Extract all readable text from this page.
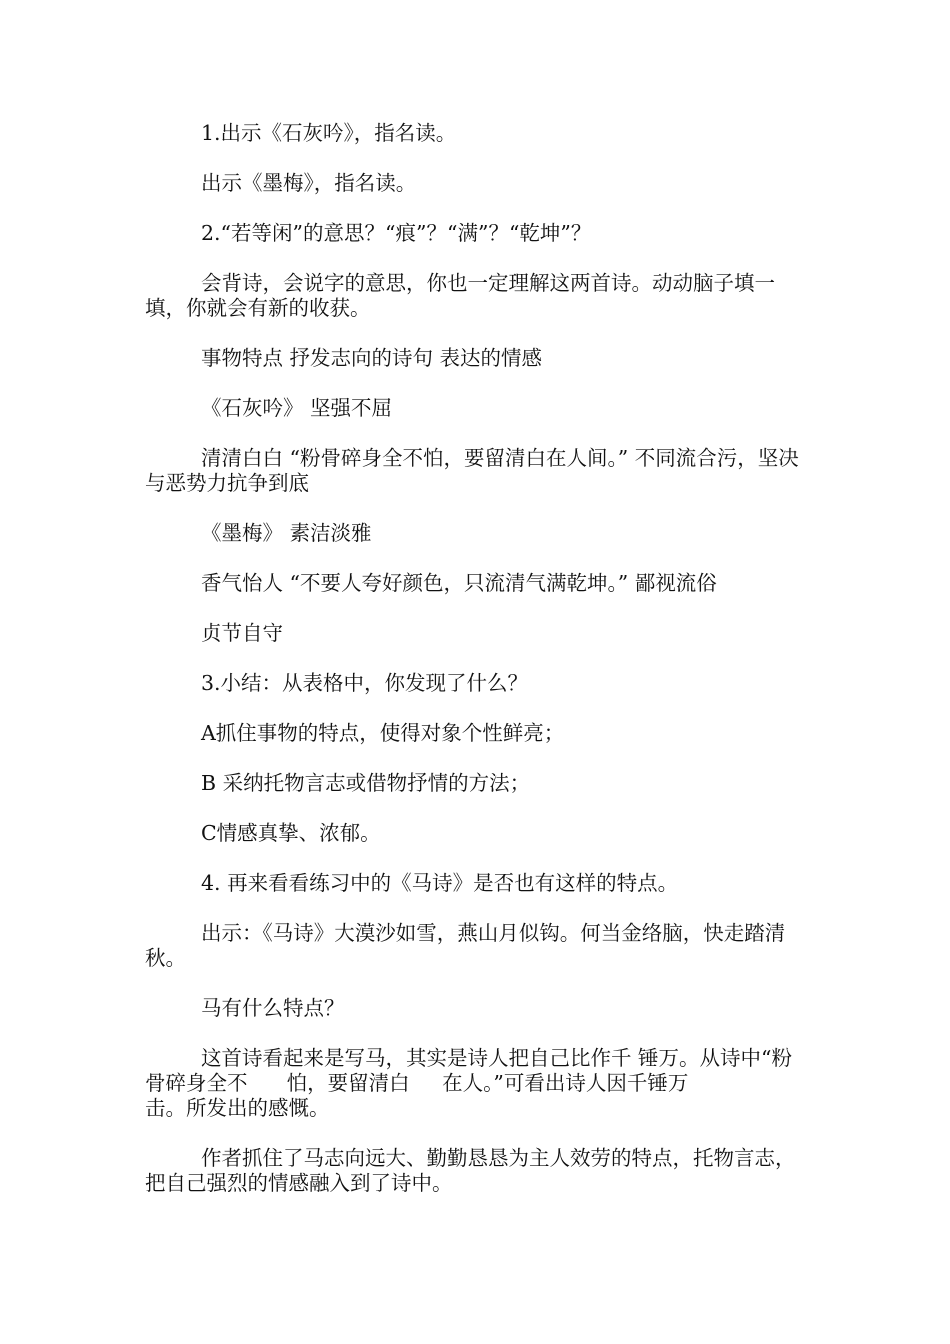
1.出示《石灰吟》，指名读。

出示《墨梅》，指名读。

2.“若等闲”的意思？“痕”？“满”？“乾坤”？

会背诗，会说字的意思，你也一定理解这两首诗。动动脑子填一填，你就会有新的收获。

事物特点 抒发志向的诗句 表达的情感

《石灰吟》 坚强不屈

清清白白 “粉骨碎身全不怕，要留清白在人间。” 不同流合污，坚决与恶势力抗争到底

《墨梅》 素洁淡雅

香气怡人 “不要人夸好颜色，只流清气满乾坤。” 鄙视流俗

贞节自守

3.小结：从表格中，你发现了什么？

A抓住事物的特点，使得对象个性鲜亮；

B 采纳托物言志或借物抒情的方法；

C情感真挚、浓郁。

4. 再来看看练习中的《马诗》是否也有这样的特点。

出示：《马诗》大漠沙如雪，燕山月似钩。何当金络脑，快走踏清秋。

马有什么特点？

这首诗看起来是写马，其实是诗人把自己比作千 锤万。从诗中“粉骨碎身全不      怕，要留清白     在人。”可看出诗人因千锤万                             击。所发出的感慨。

作者抓住了马志向远大、勤勤恳恳为主人效劳的特点，托物言志，把自己强烈的情感融入到了诗中。
